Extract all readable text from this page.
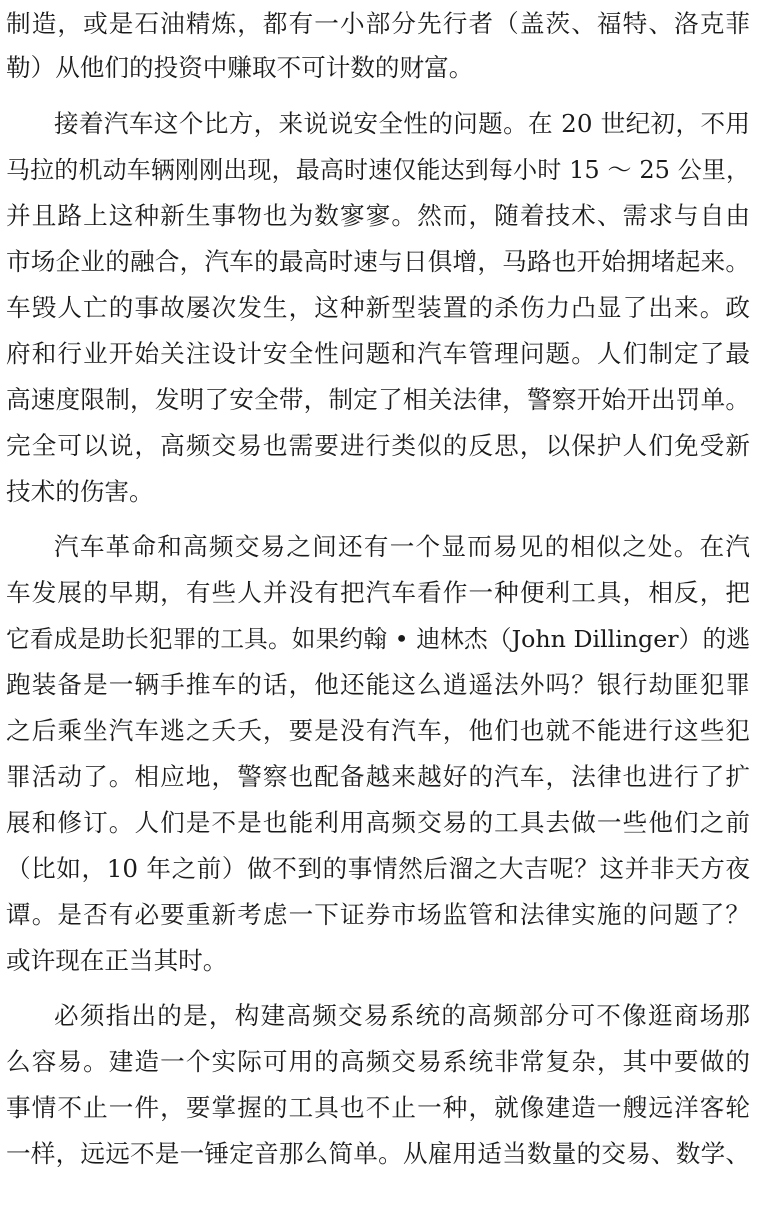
制造，或是石油精炼，都有一小部分先行者（盖茨、福特、洛克菲
勒）从他们的投资中赚取不可计数的财富。
接着汽车这个比方，来说说安全性的问题。在 20 世纪初，不用
马拉的机动车辆刚刚出现，最高时速仅能达到每小时 15 ～ 25 公里，
并且路上这种新生事物也为数寥寥。然而，随着技术、需求与自由
市场企业的融合，汽车的最高时速与日俱增，马路也开始拥堵起来。
车毁人亡的事故屡次发生，这种新型装置的杀伤力凸显了出来。政
府和行业开始关注设计安全性问题和汽车管理问题。人们制定了最
高速度限制，发明了安全带，制定了相关法律，警察开始开出罚单。
完全可以说，高频交易也需要进行类似的反思，以保护人们免受新
技术的伤害。
汽车革命和高频交易之间还有一个显而易见的相似之处。在汽
车发展的早期，有些人并没有把汽车看作一种便利工具，相反，把
它看成是助长犯罪的工具。如果约翰 • 迪林杰（John Dillinger）的逃
跑装备是一辆手推车的话，他还能这么逍遥法外吗？银行劫匪犯罪
之后乘坐汽车逃之夭夭，要是没有汽车，他们也就不能进行这些犯
罪活动了。相应地，警察也配备越来越好的汽车，法律也进行了扩
展和修订。人们是不是也能利用高频交易的工具去做一些他们之前
（比如，10 年之前）做不到的事情然后溜之大吉呢？这并非天方夜
谭。是否有必要重新考虑一下证券市场监管和法律实施的问题了？
或许现在正当其时。
必须指出的是，构建高频交易系统的高频部分可不像逛商场那
么容易。建造一个实际可用的高频交易系统非常复杂，其中要做的
事情不止一件，要掌握的工具也不止一种，就像建造一艘远洋客轮
一样，远远不是一锤定音那么简单。从雇用适当数量的交易、数学、
